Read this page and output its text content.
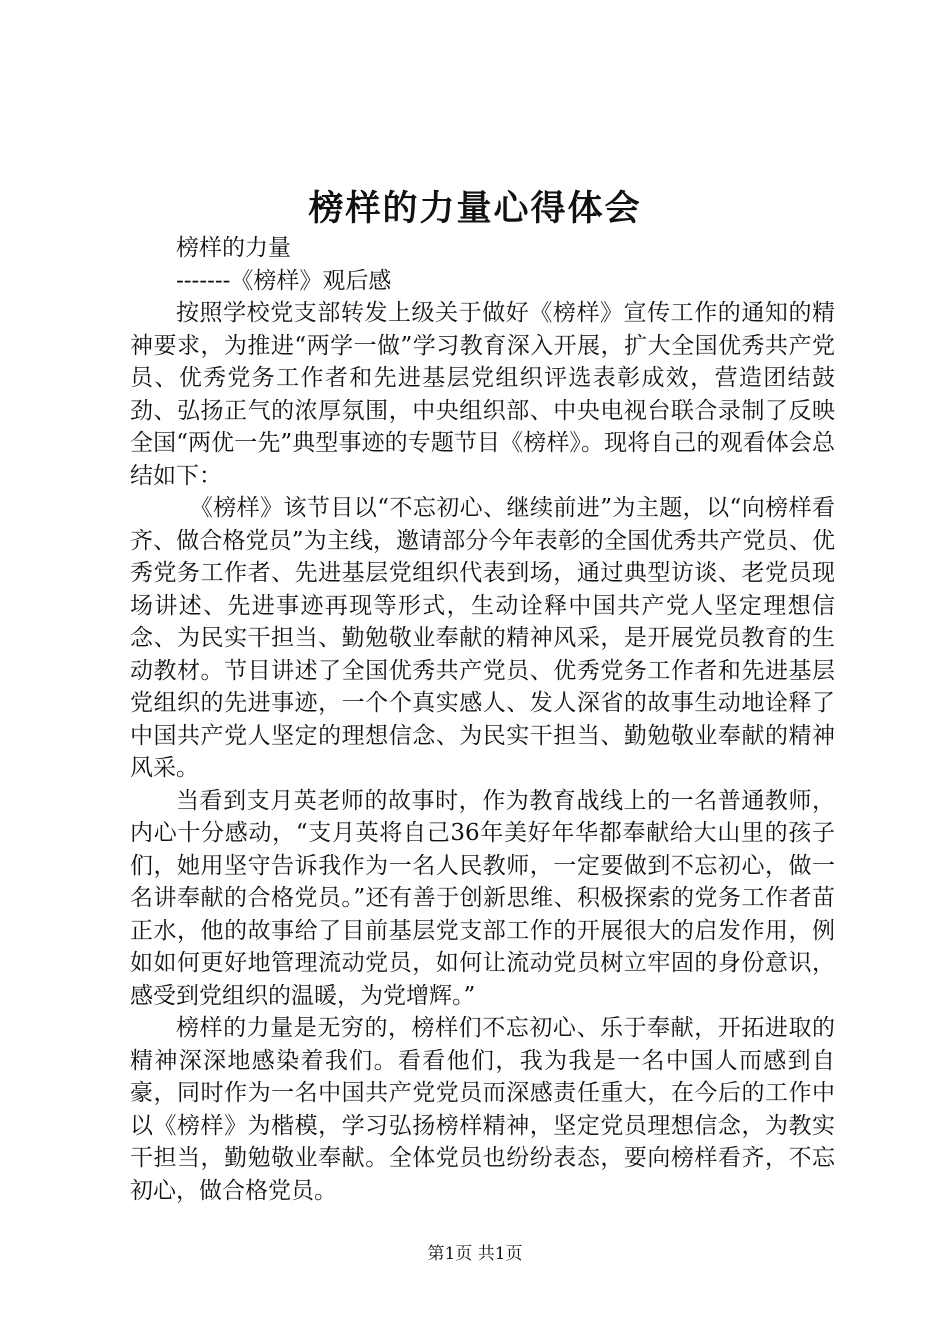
榜样的力量心得体会

榜样的力量

-------《榜样》观后感

按照学校党支部转发上级关于做好《榜样》宣传工作的通知的精神要求，为推进“两学一做”学习教育深入开展，扩大全国优秀共产党员、优秀党务工作者和先进基层党组织评选表彰成效，营造团结鼓劲、弘扬正气的浓厚氛围，中央组织部、中央电视台联合录制了反映全国“两优一先”典型事迹的专题节目《榜样》。现将自己的观看体会总结如下：

《榜样》该节目以“不忘初心、继续前进”为主题，以“向榜样看齐、做合格党员”为主线，邀请部分今年表彰的全国优秀共产党员、优秀党务工作者、先进基层党组织代表到场，通过典型访谈、老党员现场讲述、先进事迹再现等形式，生动诠释中国共产党人坚定理想信念、为民实干担当、勤勉敬业奉献的精神风采，是开展党员教育的生动教材。节目讲述了全国优秀共产党员、优秀党务工作者和先进基层党组织的先进事迹，一个个真实感人、发人深省的故事生动地诠释了中国共产党人坚定的理想信念、为民实干担当、勤勉敬业奉献的精神风采。

当看到支月英老师的故事时，作为教育战线上的一名普通教师，内心十分感动，“支月英将自己36年美好年华都奉献给大山里的孩子们，她用坚守告诉我作为一名人民教师，一定要做到不忘初心，做一名讲奉献的合格党员。”还有善于创新思维、积极探索的党务工作者苗正水，他的故事给了目前基层党支部工作的开展很大的启发作用，例如如何更好地管理流动党员，如何让流动党员树立牢固的身份意识，感受到党组织的温暖，为党增辉。”

榜样的力量是无穷的，榜样们不忘初心、乐于奉献，开拓进取的精神深深地感染着我们。看看他们，我为我是一名中国人而感到自豪，同时作为一名中国共产党党员而深感责任重大，在今后的工作中以《榜样》为楷模，学习弘扬榜样精神，坚定党员理想信念，为教实干担当，勤勉敬业奉献。全体党员也纷纷表态，要向榜样看齐，不忘初心，做合格党员。

第1页 共1页
